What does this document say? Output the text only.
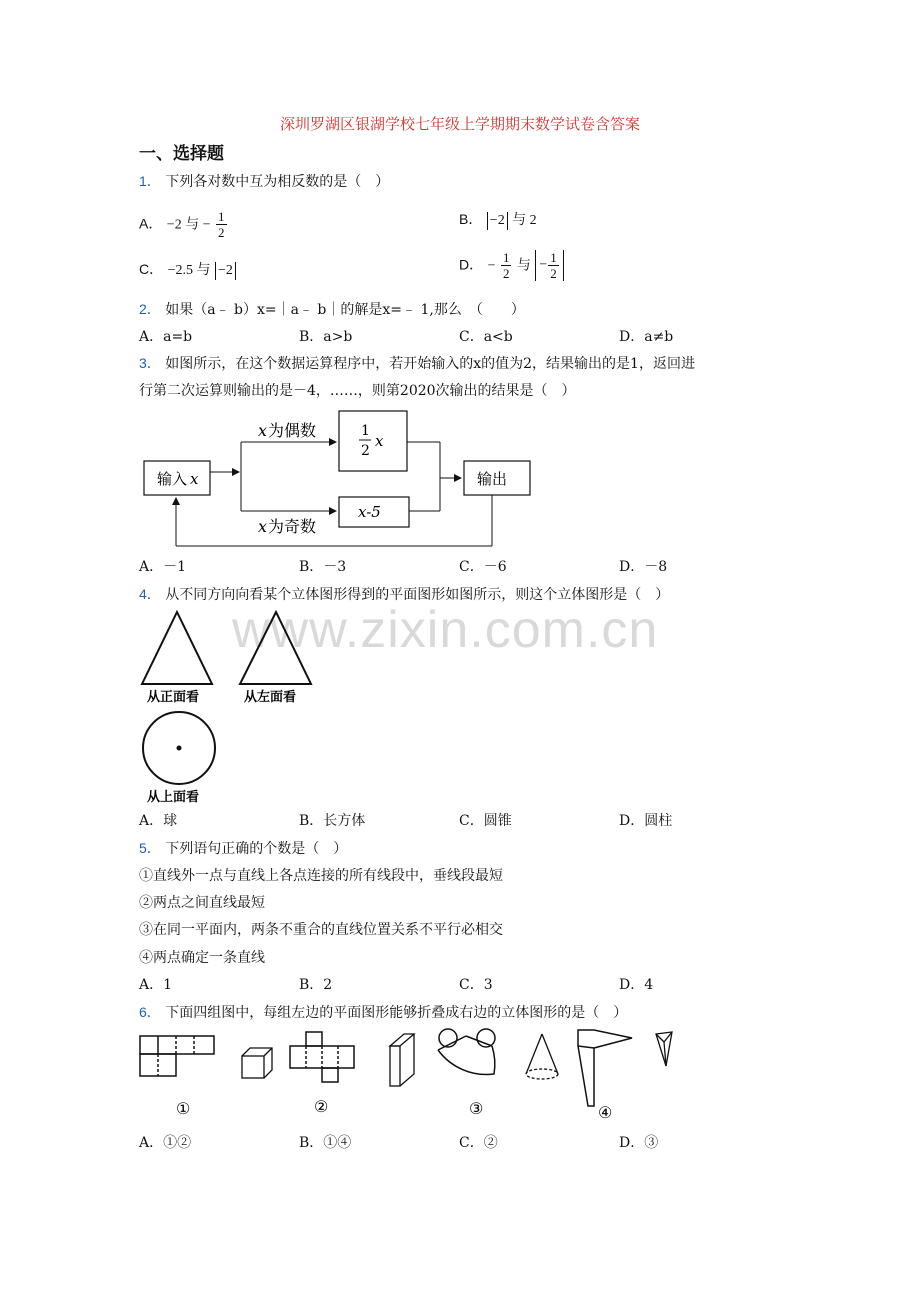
深圳罗湖区银湖学校七年级上学期期末数学试卷含答案
一、选择题
www.zixin.com.cn
1． 下列各对数中互为相反数的是（　）
A． −2 与 − $\frac{1}{2}$	B． −2 与 2
C． −2.5 与 −2	D． − $\frac{1}{2}$ 与 − $\frac{1}{2}$
2． 如果（a﹣ b）x=｜a﹣ b｜的解是x=﹣ 1,那么　（　　）
A．a=b	B．a>b	C．a<b	D．a≠b
3． 如图所示，在这个数据运算程序中，若开始输入的x的值为2，结果输出的是1，返回进
行第二次运算则输出的是－4，……，则第2020次输出的结果是（　）
输入 x
x 为偶数
x 为奇数
1
2
x
x-5
输出
A．－1	B．－3	C．－6	D．－8
4． 从不同方向向看某个立体图形得到的平面图形如图所示，则这个立体图形是（　）
从正面看	从左面看
从上面看
A．球	B．长方体	C．圆锥	D．圆柱
5． 下列语句正确的个数是（　）
①直线外一点与直线上各点连接的所有线段中，垂线段最短
②两点之间直线最短
③在同一平面内，两条不重合的直线位置关系不平行必相交
④两点确定一条直线
A．1	B．2	C．3	D．4
6． 下面四组图中，每组左边的平面图形能够折叠成右边的立体图形的是（　）
①	②	③	④
A．①②	B．①④	C．②	D．③
